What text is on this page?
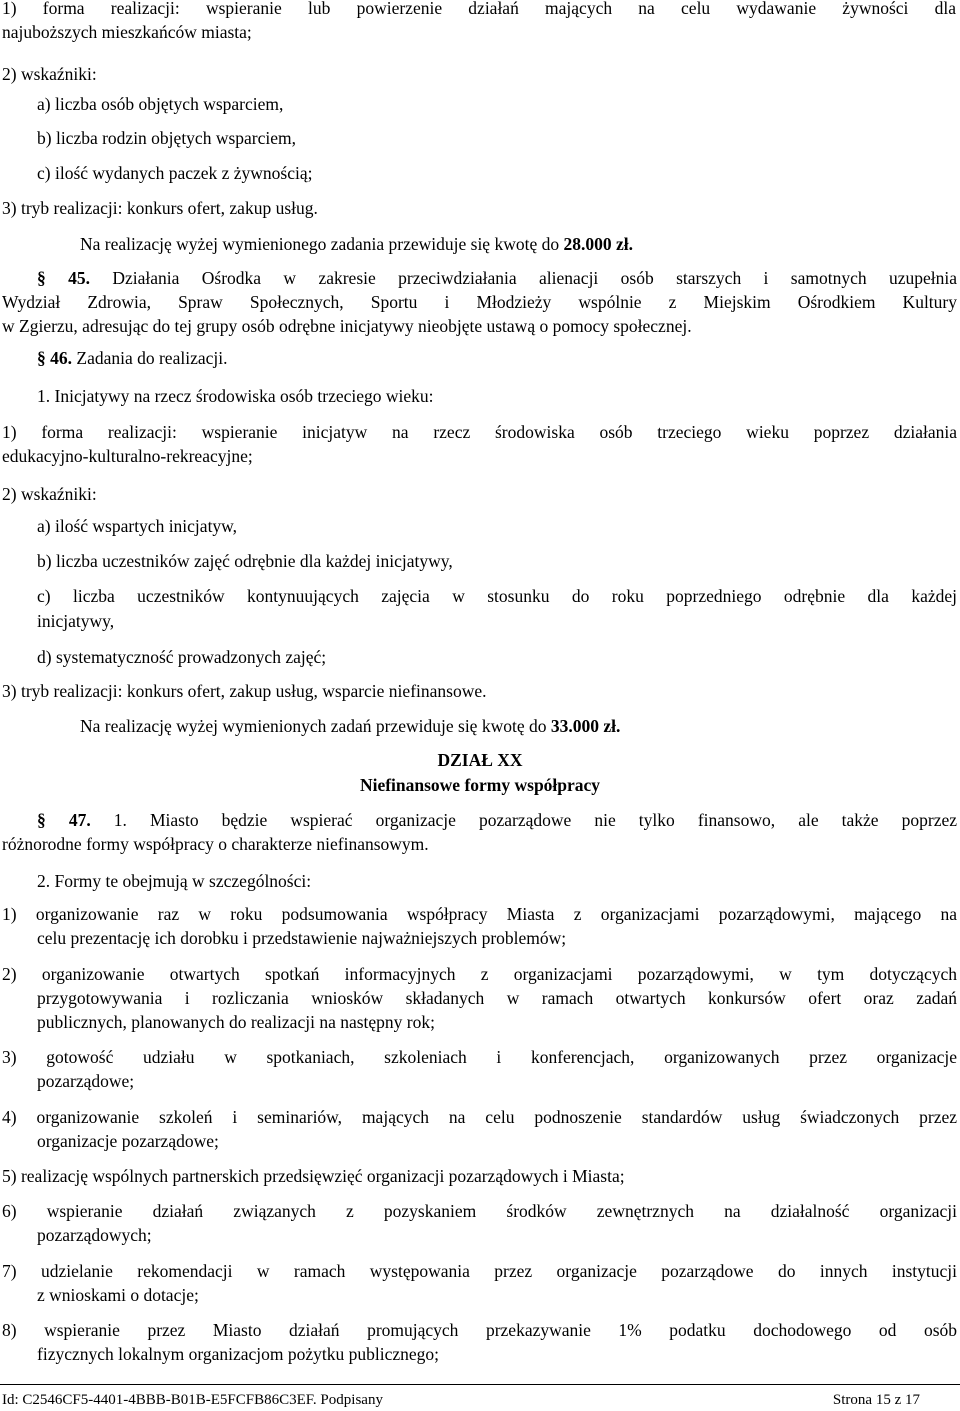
1) forma realizacji: wspieranie lub powierzenie działań mających na celu wydawanie żywności dla
najuboższych mieszkańców miasta;
2) wskaźniki:
a) liczba osób objętych wsparciem,
b) liczba rodzin objętych wsparciem,
c) ilość wydanych paczek z żywnością;
3) tryb realizacji: konkurs ofert, zakup usług.
Na realizację wyżej wymienionego zadania przewiduje się kwotę do 28.000 zł.
§ 45. Działania Ośrodka w zakresie przeciwdziałania alienacji osób starszych i samotnych uzupełnia
Wydział Zdrowia, Spraw Społecznych, Sportu i Młodzieży wspólnie z Miejskim Ośrodkiem Kultury
w Zgierzu, adresując do tej grupy osób odrębne inicjatywy nieobjęte ustawą o pomocy społecznej.
§ 46. Zadania do realizacji.
1. Inicjatywy na rzecz środowiska osób trzeciego wieku:
1) forma realizacji: wspieranie inicjatyw na rzecz środowiska osób trzeciego wieku poprzez działania
edukacyjno-kulturalno-rekreacyjne;
2) wskaźniki:
a) ilość wspartych inicjatyw,
b) liczba uczestników zajęć odrębnie dla każdej inicjatywy,
c) liczba uczestników kontynuujących zajęcia w stosunku do roku poprzedniego odrębnie dla każdej
inicjatywy,
d) systematyczność prowadzonych zajęć;
3) tryb realizacji: konkurs ofert, zakup usług, wsparcie niefinansowe.
Na realizację wyżej wymienionych zadań przewiduje się kwotę do 33.000 zł.
DZIAŁ XX
Niefinansowe formy współpracy
§ 47. 1. Miasto będzie wspierać organizacje pozarządowe nie tylko finansowo, ale także poprzez
różnorodne formy współpracy o charakterze niefinansowym.
2. Formy te obejmują w szczególności:
1) organizowanie raz w roku podsumowania współpracy Miasta z organizacjami pozarządowymi, mającego na
celu prezentację ich dorobku i przedstawienie najważniejszych problemów;
2) organizowanie otwartych spotkań informacyjnych z organizacjami pozarządowymi, w tym dotyczących
przygotowywania i rozliczania wniosków składanych w ramach otwartych konkursów ofert oraz zadań
publicznych, planowanych do realizacji na następny rok;
3) gotowość udziału w spotkaniach, szkoleniach i konferencjach, organizowanych przez organizacje
pozarządowe;
4) organizowanie szkoleń i seminariów, mających na celu podnoszenie standardów usług świadczonych przez
organizacje pozarządowe;
5) realizację wspólnych partnerskich przedsięwzięć organizacji pozarządowych i Miasta;
6) wspieranie działań związanych z pozyskaniem środków zewnętrznych na działalność organizacji
pozarządowych;
7) udzielanie rekomendacji w ramach występowania przez organizacje pozarządowe do innych instytucji
z wnioskami o dotacje;
8) wspieranie przez Miasto działań promujących przekazywanie 1% podatku dochodowego od osób
fizycznych lokalnym organizacjom pożytku publicznego;
Id: C2546CF5-4401-4BBB-B01B-E5FCFB86C3EF. Podpisany	Strona 15 z 17
